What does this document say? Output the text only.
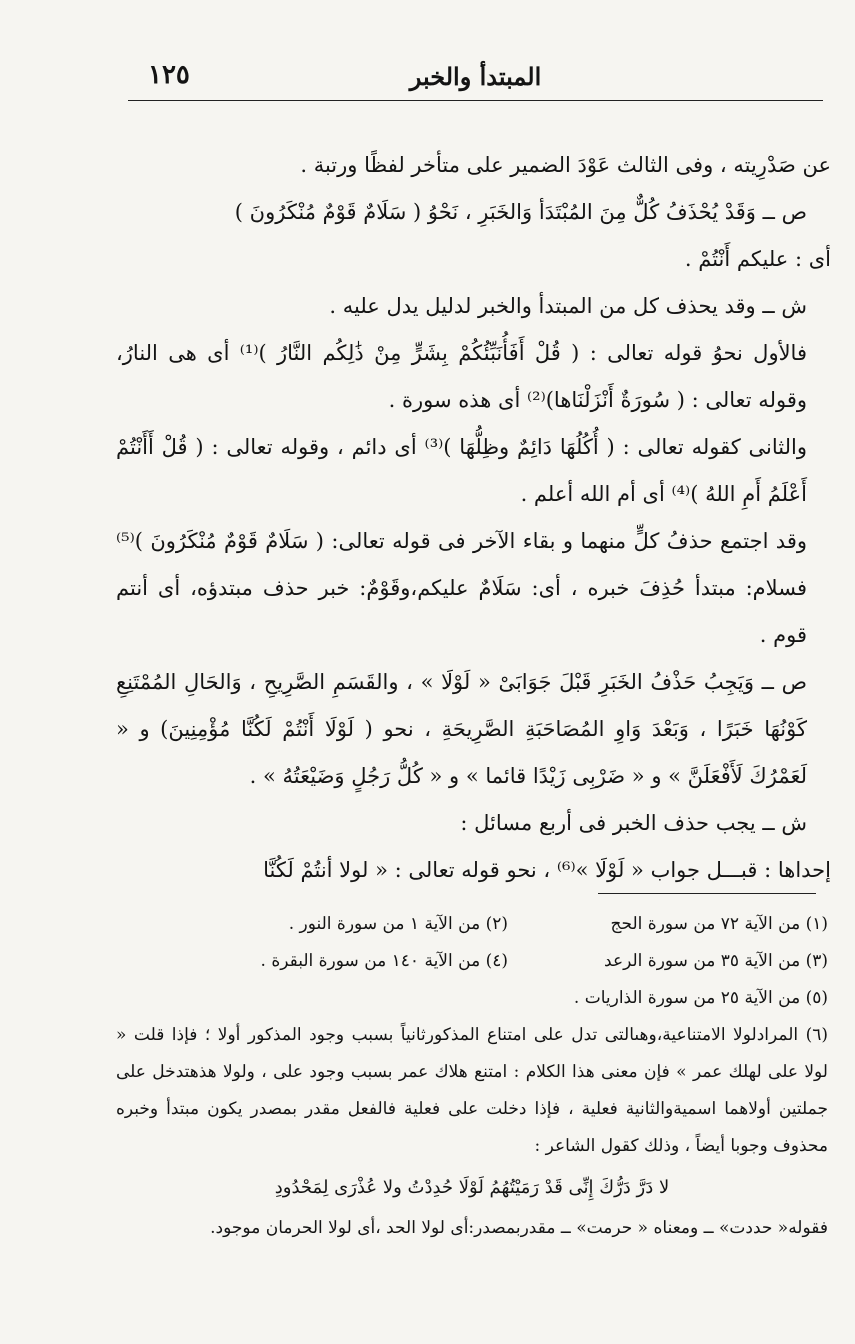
المبتدأ والخبر
١٢٥

عن صَدْرِيته ، وفى الثالث عَوْدَ الضمير على متأخر لفظًا ورتبة .

ص ــ وَقَدْ يُحْذَفُ كُلٌّ مِنَ المُبْتَدَأ وَالخَبَرِ ، نَحْوُ ( سَلَامٌ قَوْمٌ مُنْكَرُونَ )

أى : عليكم أَنْتُمْ .

ش ــ وقد يحذف كل من المبتدأ والخبر لدليل يدل عليه .

فالأول نحوُ قوله تعالى : ( قُلْ أَفَأُنَبِّئُكُمْ بِشَرٍّ مِنْ ذَٰلِكُم النَّارُ )⁽¹⁾ أى هى النارُ، وقوله تعالى : ( سُورَةٌ أَنْزَلْنَاها)⁽²⁾ أى هذه سورة .

والثانى كقوله تعالى : ( أُكُلُهَا دَائِمٌ وظِلُّهَا )⁽³⁾ أى دائم ، وقوله تعالى : ( قُلْ أَأَنْتُمْ أَعْلَمُ أَمِ اللهُ )⁽⁴⁾ أى أم الله أعلم .

وقد اجتمع حذفُ كلٍّ منهما و بقاء الآخر فى قوله تعالى: ( سَلَامٌ قَوْمٌ مُنْكَرُونَ )⁽⁵⁾ فسلام: مبتدأ حُذِفَ خبره ، أى: سَلَامٌ عليكم،وقَوْمٌ: خبر حذف مبتدؤه، أى أنتم قوم .

ص ــ وَيَجِبُ حَذْفُ الخَبَرِ قَبْلَ جَوَابَىْ « لَوْلَا » ، والقَسَمِ الصَّرِيحِ ، وَالحَالِ المُمْتَنِعِ كَوْنُهَا خَبَرًا ، وَبَعْدَ وَاوِ المُصَاحَبَةِ الصَّرِيحَةِ ، نحو ( لَوْلَا أَنْتُمْ لَكُنَّا مُؤْمِنِينَ) و « لَعَمْرُكَ لَأَفْعَلَنَّ » و « ضَرْبِى زَيْدًا قائما » و « كُلُّ رَجُلٍ وَضَيْعَتُهُ » .

ش ــ يجب حذف الخبر فى أربع مسائل :

إحداها : قبـــل جواب « لَوْلَا »⁽⁶⁾ ، نحو قوله تعالى : « لولا أنتُمْ لَكُنَّا

(١) من الآية ٧٢ من سورة الحج
(٢) من الآية ١ من سورة النور .
(٣) من الآية ٣٥ من سورة الرعد
(٤) من الآية ١٤٠ من سورة البقرة .

(٥) من الآية ٢٥ من سورة الذاريات .

(٦) المرادلولا الامتناعية،وهىالتى تدل على امتناع المذكورثانياً بسبب وجود المذكور أولا ؛ فإذا قلت « لولا على لهلك عمر » فإن معنى هذا الكلام : امتنع هلاك عمر بسبب وجود على ، ولولا هذهتدخل على جملتين أولاهما اسميةوالثانية فعلية ، فإذا دخلت على فعلية فالفعل مقدر بمصدر يكون مبتدأ وخبره محذوف وجوبا أيضاً ، وذلك كقول الشاعر :

لا دَرَّ دَرُّكَ إِنِّى قَدْ رَمَيْتُهُمُ لَوْلَا حُدِدْتُ ولا عُذْرَى لِمَحْدُودِ

فقوله« حددت» ــ ومعناه « حرمت» ــ مقدربمصدر:أى لولا الحد ،أى لولا الحرمان موجود.
